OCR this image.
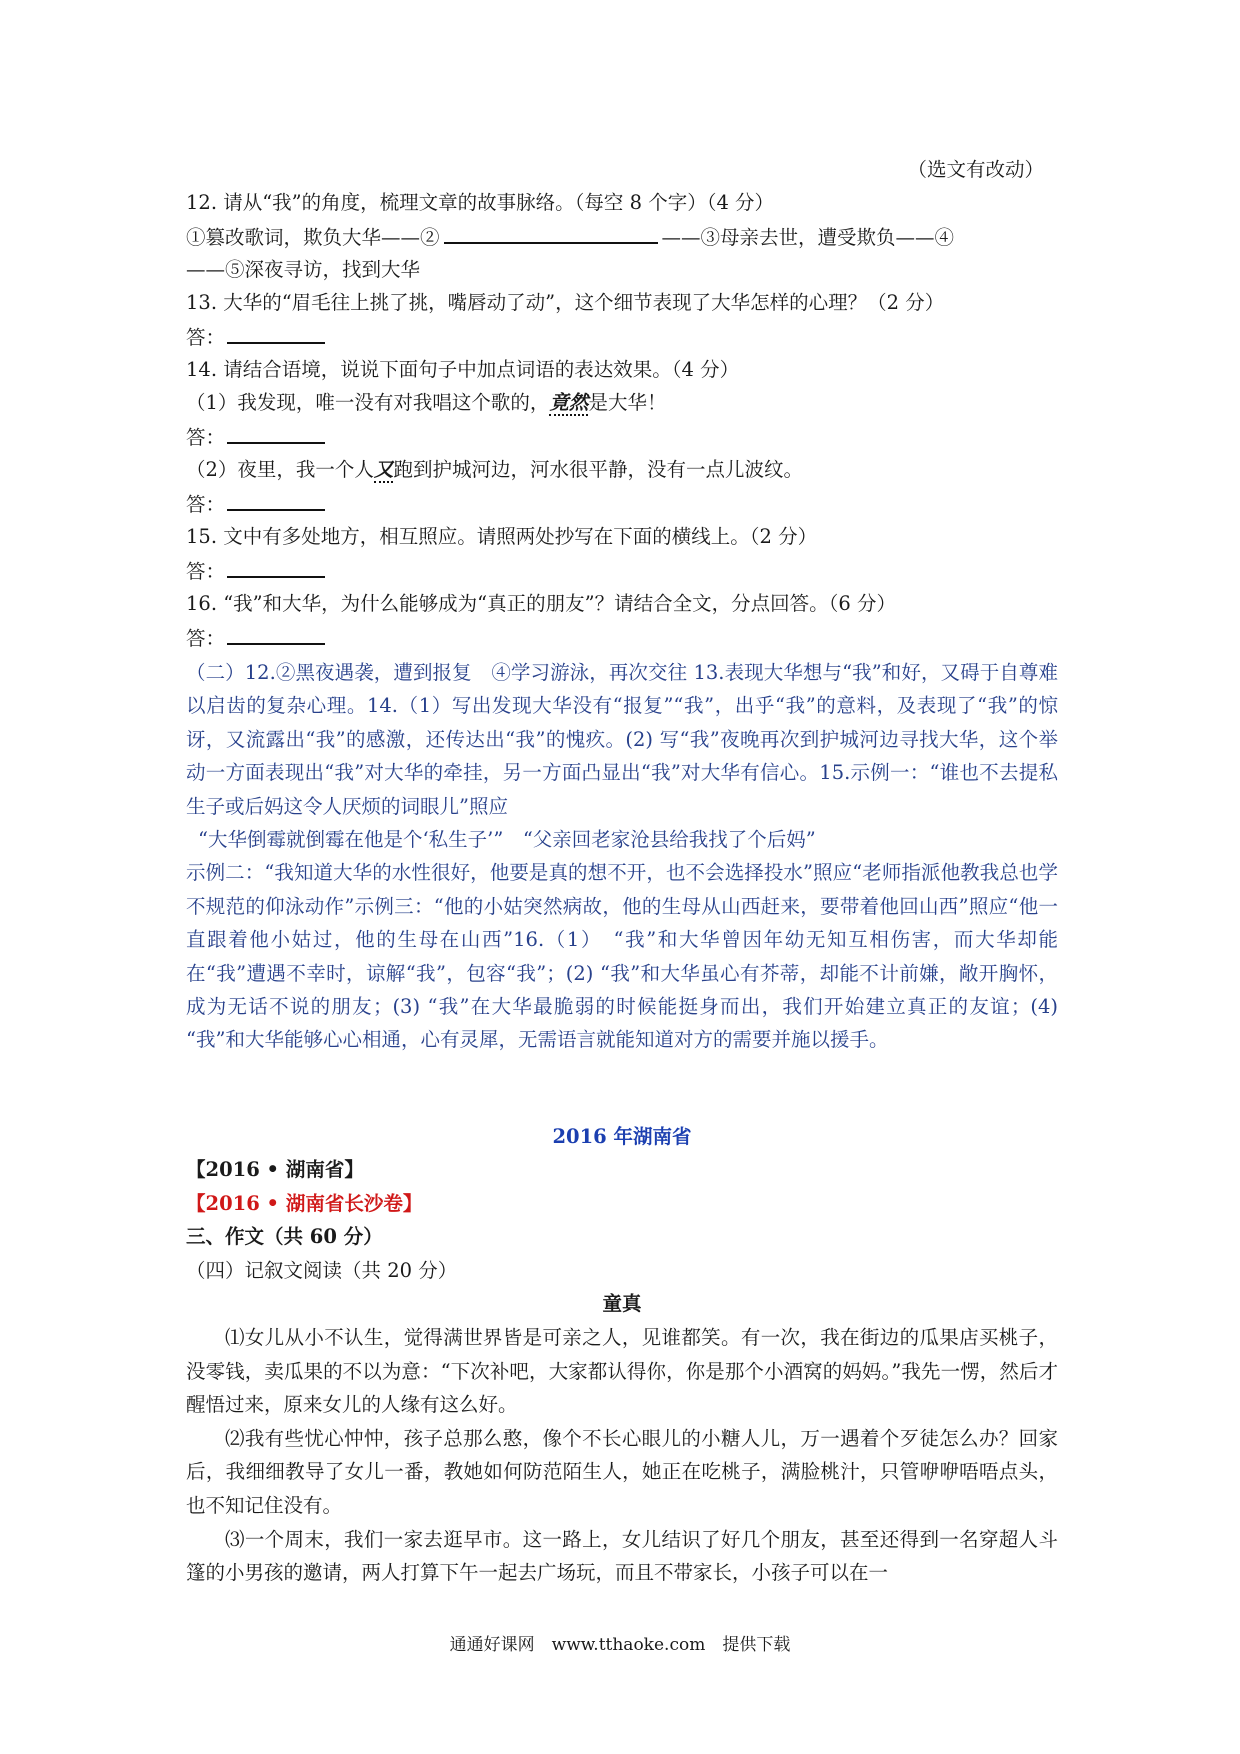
（选文有改动）
12. 请从“我”的角度，梳理文章的故事脉络。（每空 8 个字）（4 分）
①篡改歌词，欺负大华——②	——③母亲去世，遭受欺负——④
——⑤深夜寻访，找到大华
13. 大华的“眉毛往上挑了挑，嘴唇动了动”，这个细节表现了大华怎样的心理？（2 分）
答：
14. 请结合语境，说说下面句子中加点词语的表达效果。（4 分）
（1）我发现，唯一没有对我唱这个歌的，竟然是大华！
答：
（2）夜里，我一个人又跑到护城河边，河水很平静，没有一点儿波纹。
答：
15. 文中有多处地方，相互照应。请照两处抄写在下面的横线上。（2 分）
答：
16. “我”和大华，为什么能够成为“真正的朋友”？请结合全文，分点回答。（6 分）
答：

（二）12.②黑夜遇袭，遭到报复　④学习游泳，再次交往 13.表现大华想与“我”和好，又碍于自尊难以启齿的复杂心理。14.（1）写出发现大华没有“报复”“我”，出乎“我”的意料，及表现了“我”的惊讶，又流露出“我”的感激，还传达出“我”的愧疚。(2) 写“我”夜晚再次到护城河边寻找大华，这个举动一方面表现出“我”对大华的牵挂，另一方面凸显出“我”对大华有信心。15.示例一：“谁也不去提私生子或后妈这令人厌烦的词眼儿”照应

“大华倒霉就倒霉在他是个‘私生子’”　“父亲回老家沧县给我找了个后妈”

示例二：“我知道大华的水性很好，他要是真的想不开，也不会选择投水”照应“老师指派他教我总也学不规范的仰泳动作”示例三：“他的小姑突然病故，他的生母从山西赶来，要带着他回山西”照应“他一直跟着他小姑过，他的生母在山西”16.（1）　“我”和大华曾因年幼无知互相伤害，而大华却能在“我”遭遇不幸时，谅解“我”，包容“我”；(2) “我”和大华虽心有芥蒂，却能不计前嫌，敞开胸怀，成为无话不说的朋友；(3) “我”在大华最脆弱的时候能挺身而出，我们开始建立真正的友谊；(4) “我”和大华能够心心相通，心有灵犀，无需语言就能知道对方的需要并施以援手。

2016 年湖南省
【2016 • 湖南省】
【2016 • 湖南省长沙卷】
三、作文（共 60 分）
（四）记叙文阅读（共 20 分）
童真

⑴女儿从小不认生，觉得满世界皆是可亲之人，见谁都笑。有一次，我在街边的瓜果店买桃子，没零钱，卖瓜果的不以为意：“下次补吧，大家都认得你，你是那个小酒窝的妈妈。”我先一愣，然后才醒悟过来，原来女儿的人缘有这么好。

⑵我有些忧心忡忡，孩子总那么憨，像个不长心眼儿的小糖人儿，万一遇着个歹徒怎么办？回家后，我细细教导了女儿一番，教她如何防范陌生人，她正在吃桃子，满脸桃汁，只管咿咿唔唔点头，也不知记住没有。

⑶一个周末，我们一家去逛早市。这一路上，女儿结识了好几个朋友，甚至还得到一名穿超人斗篷的小男孩的邀请，两人打算下午一起去广场玩，而且不带家长，小孩子可以在一

通通好课网　www.tthaoke.com　提供下载
